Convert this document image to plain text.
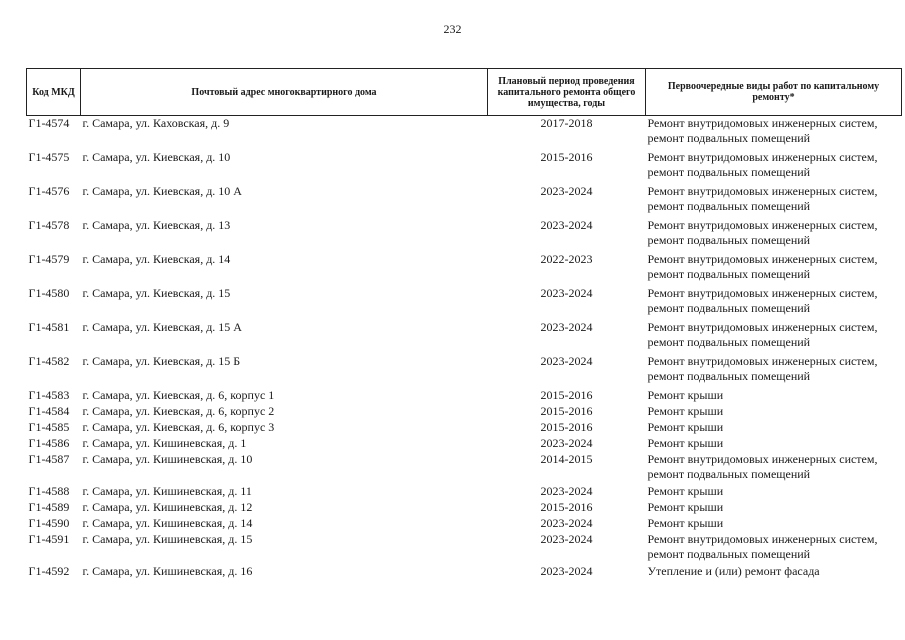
232
Код МКД	Почтовый адрес многоквартирного дома	Плановый период проведения капитального ремонта общего имущества, годы	Первоочередные виды работ по капитальному ремонту*
Г1-4574	г. Самара, ул. Каховская, д. 9	2017-2018	Ремонт внутридомовых инженерных систем,
ремонт подвальных помещений

Г1-4575	г. Самара, ул. Киевская, д. 10	2015-2016	Ремонт внутридомовых инженерных систем,
ремонт подвальных помещений

Г1-4576	г. Самара, ул. Киевская, д. 10 А	2023-2024	Ремонт внутридомовых инженерных систем,
ремонт подвальных помещений

Г1-4578	г. Самара, ул. Киевская, д. 13	2023-2024	Ремонт внутридомовых инженерных систем,
ремонт подвальных помещений

Г1-4579	г. Самара, ул. Киевская, д. 14	2022-2023	Ремонт внутридомовых инженерных систем,
ремонт подвальных помещений

Г1-4580	г. Самара, ул. Киевская, д. 15	2023-2024	Ремонт внутридомовых инженерных систем,
ремонт подвальных помещений

Г1-4581	г. Самара, ул. Киевская, д. 15 А	2023-2024	Ремонт внутридомовых инженерных систем,
ремонт подвальных помещений

Г1-4582	г. Самара, ул. Киевская, д. 15 Б	2023-2024	Ремонт внутридомовых инженерных систем,
ремонт подвальных помещений

Г1-4583	г. Самара, ул. Киевская, д. 6, корпус 1	2015-2016	Ремонт крыши

Г1-4584	г. Самара, ул. Киевская, д. 6, корпус 2	2015-2016	Ремонт крыши

Г1-4585	г. Самара, ул. Киевская, д. 6, корпус 3	2015-2016	Ремонт крыши

Г1-4586	г. Самара, ул. Кишиневская, д. 1	2023-2024	Ремонт крыши

Г1-4587	г. Самара, ул. Кишиневская, д. 10	2014-2015	Ремонт внутридомовых инженерных систем,
ремонт подвальных помещений

Г1-4588	г. Самара, ул. Кишиневская, д. 11	2023-2024	Ремонт крыши

Г1-4589	г. Самара, ул. Кишиневская, д. 12	2015-2016	Ремонт крыши

Г1-4590	г. Самара, ул. Кишиневская, д. 14	2023-2024	Ремонт крыши

Г1-4591	г. Самара, ул. Кишиневская, д. 15	2023-2024	Ремонт внутридомовых инженерных систем,
ремонт подвальных помещений

Г1-4592	г. Самара, ул. Кишиневская, д. 16	2023-2024	Утепление и (или) ремонт фасада
